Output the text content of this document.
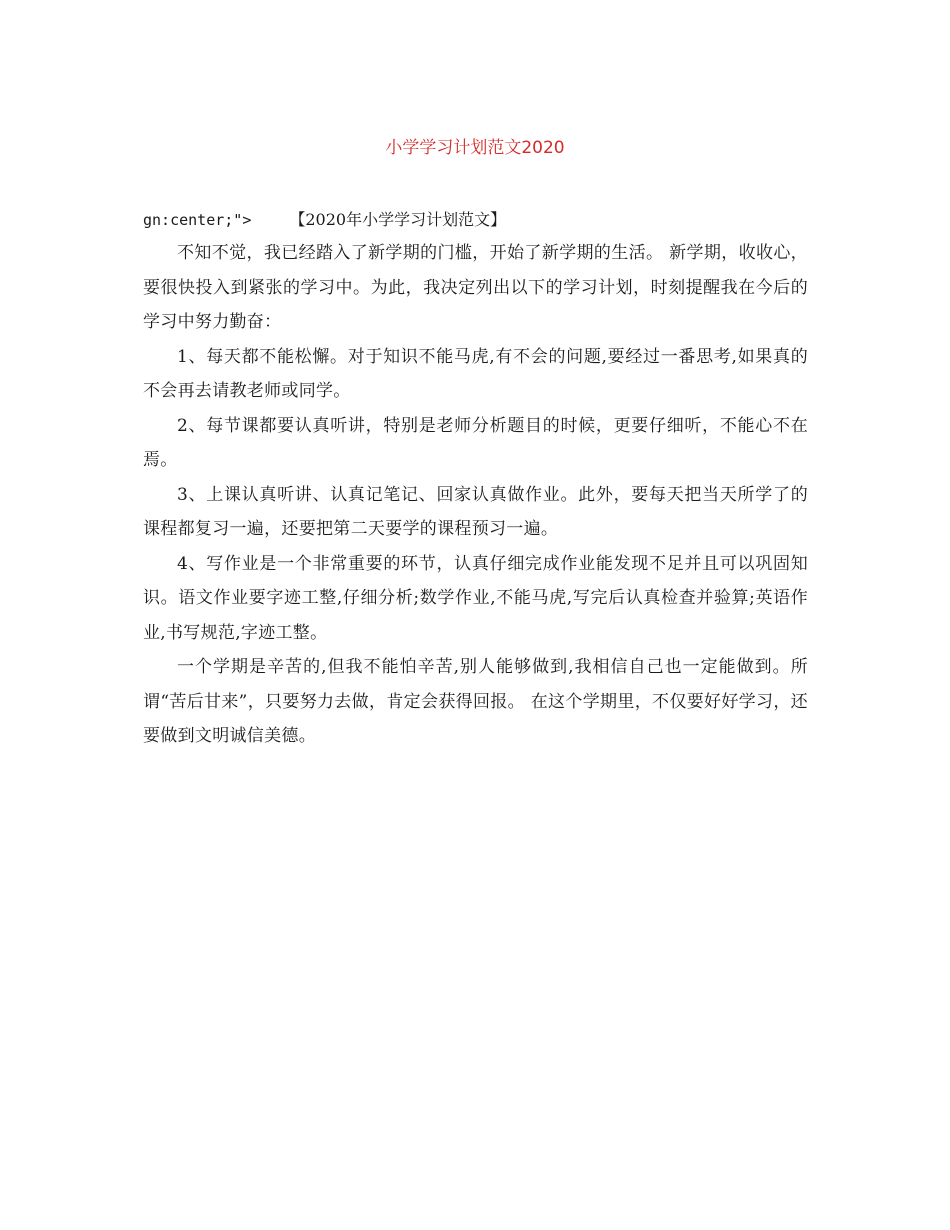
小学学习计划范文2020
gn:center;"> 【2020年小学学习计划范文】

不知不觉，我已经踏入了新学期的门槛，开始了新学期的生活。 新学期，收收心，要很快投入到紧张的学习中。为此，我决定列出以下的学习计划，时刻提醒我在今后的学习中努力勤奋：

1、每天都不能松懈。对于知识不能马虎,有不会的问题,要经过一番思考,如果真的不会再去请教老师或同学。

2、每节课都要认真听讲，特别是老师分析题目的时候，更要仔细听，不能心不在焉。

3、上课认真听讲、认真记笔记、回家认真做作业。此外，要每天把当天所学了的课程都复习一遍，还要把第二天要学的课程预习一遍。

4、写作业是一个非常重要的环节，认真仔细完成作业能发现不足并且可以巩固知识。语文作业要字迹工整,仔细分析;数学作业,不能马虎,写完后认真检查并验算;英语作业,书写规范,字迹工整。

一个学期是辛苦的,但我不能怕辛苦,别人能够做到,我相信自己也一定能做到。所谓“苦后甘来”，只要努力去做，肯定会获得回报。 在这个学期里，不仅要好好学习，还要做到文明诚信美德。
